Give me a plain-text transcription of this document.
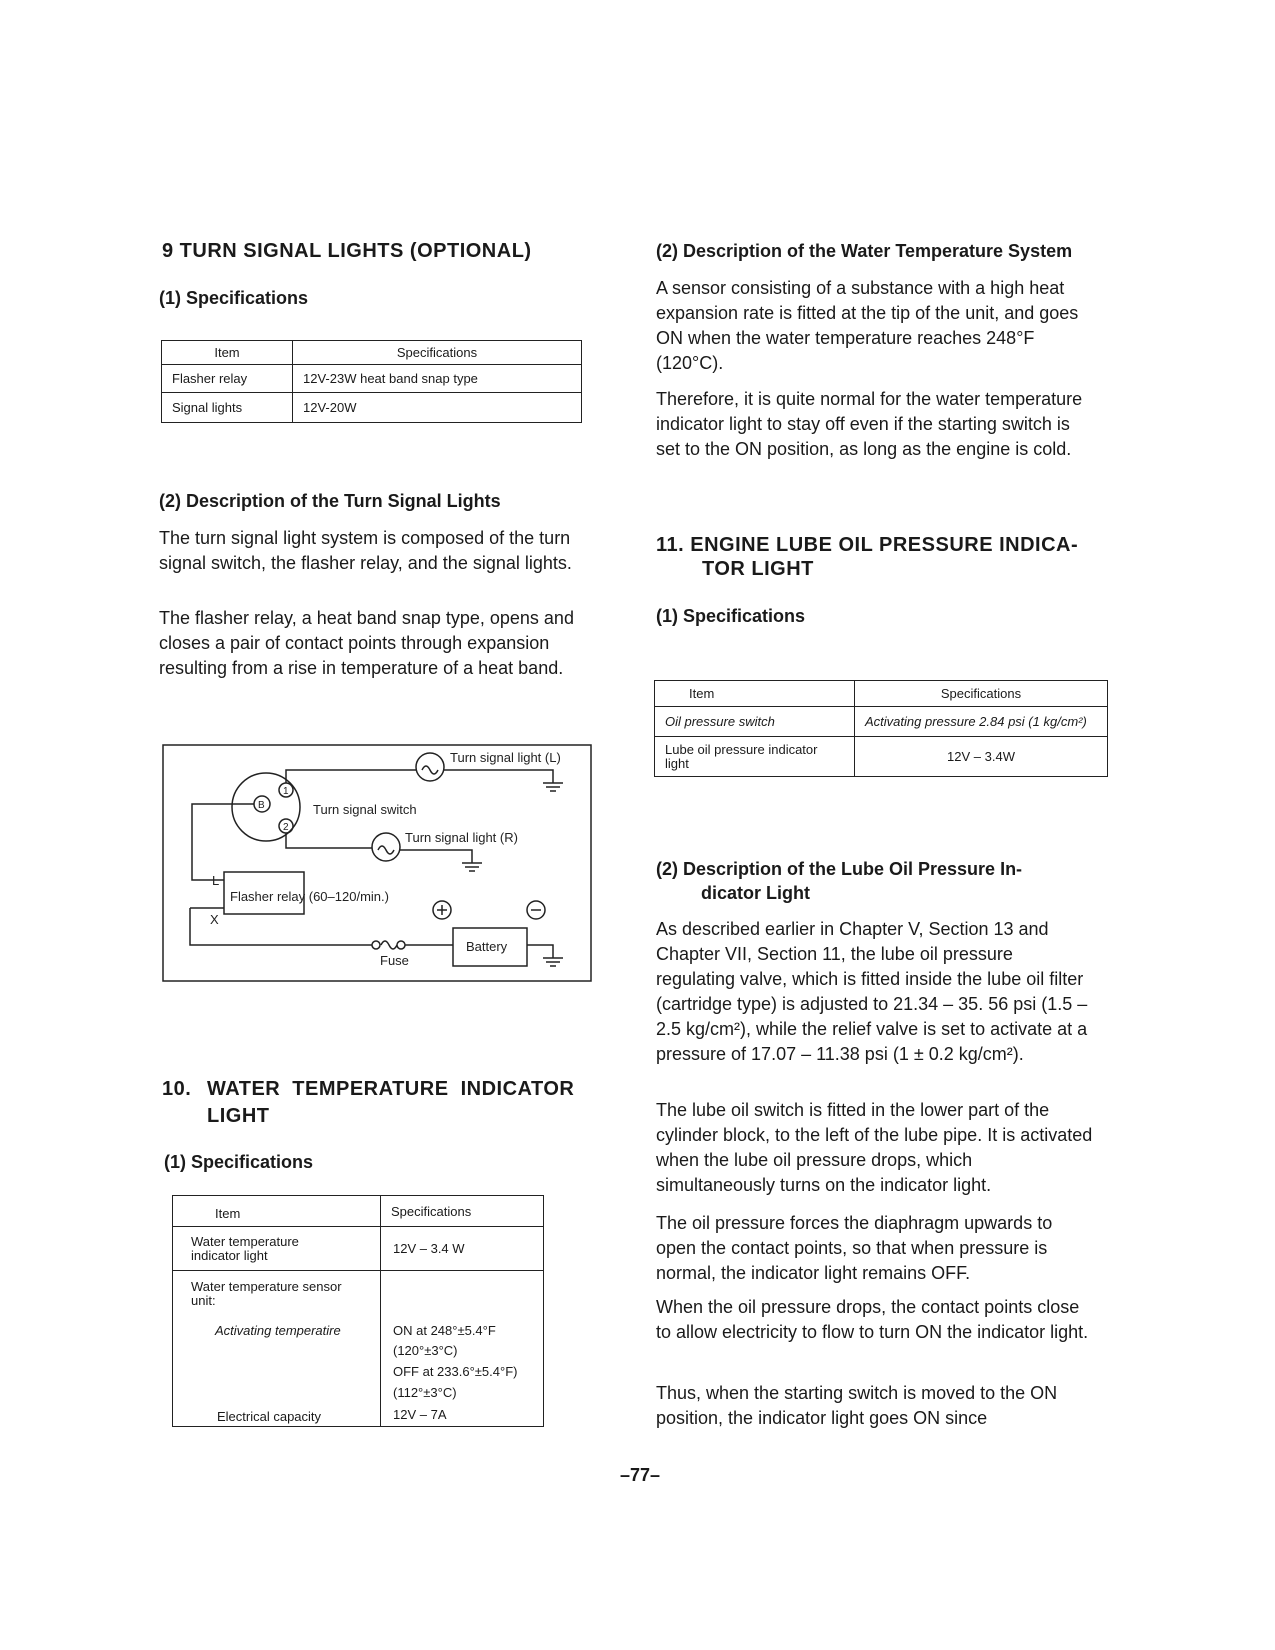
9 TURN SIGNAL LIGHTS (OPTIONAL)
(1) Specifications
Item	Specifications
Flasher relay	12V-23W heat band snap type
Signal lights	12V-20W
(2) Description of the Turn Signal Lights

The turn signal light system is composed of the turn signal switch, the flasher relay, and the signal lights.

The flasher relay, a heat band snap type, opens and closes a pair of contact points through expansion resulting from a rise in temperature of a heat band.

Turn signal light (L)
Turn signal switch
Turn signal light (R)
Flasher relay (60–120/min.)
Fuse
Battery
L
X
B
1
2
10. WATER TEMPERATURE INDICATOR
LIGHT
(1) Specifications
Item	Specifications
Water temperature indicator light	12V – 3.4 W
Water temperature sensor unit:
Activating temperatire	ON at 248°±5.4°F
(120°±3°C)
OFF at 233.6°±5.4°F)
(112°±3°C)
Electrical capacity	12V – 7A
(2) Description of the Water Temperature System

A sensor consisting of a substance with a high heat expansion rate is fitted at the tip of the unit, and goes ON when the water temperature reaches 248°F (120°C).

Therefore, it is quite normal for the water temperature indicator light to stay off even if the starting switch is set to the ON position, as long as the engine is cold.

11. ENGINE LUBE OIL PRESSURE INDICA-
TOR LIGHT
(1) Specifications
Item	Specifications
Oil pressure switch	Activating pressure 2.84 psi (1 kg/cm²)
Lube oil pressure indicator light	12V – 3.4W
(2) Description of the Lube Oil Pressure In-
dicator Light

As described earlier in Chapter V, Section 13 and Chapter VII, Section 11, the lube oil pressure regulating valve, which is fitted inside the lube oil filter (cartridge type) is adjusted to 21.34 – 35. 56 psi (1.5 – 2.5 kg/cm²), while the relief valve is set to activate at a pressure of 17.07 – 11.38 psi (1 ± 0.2 kg/cm²).

The lube oil switch is fitted in the lower part of the cylinder block, to the left of the lube pipe. It is activated when the lube oil pressure drops, which simultaneously turns on the indicator light.

The oil pressure forces the diaphragm upwards to open the contact points, so that when pressure is normal, the indicator light remains OFF.

When the oil pressure drops, the contact points close to allow electricity to flow to turn ON the indicator light.

Thus, when the starting switch is moved to the ON position, the indicator light goes ON since

–77–
